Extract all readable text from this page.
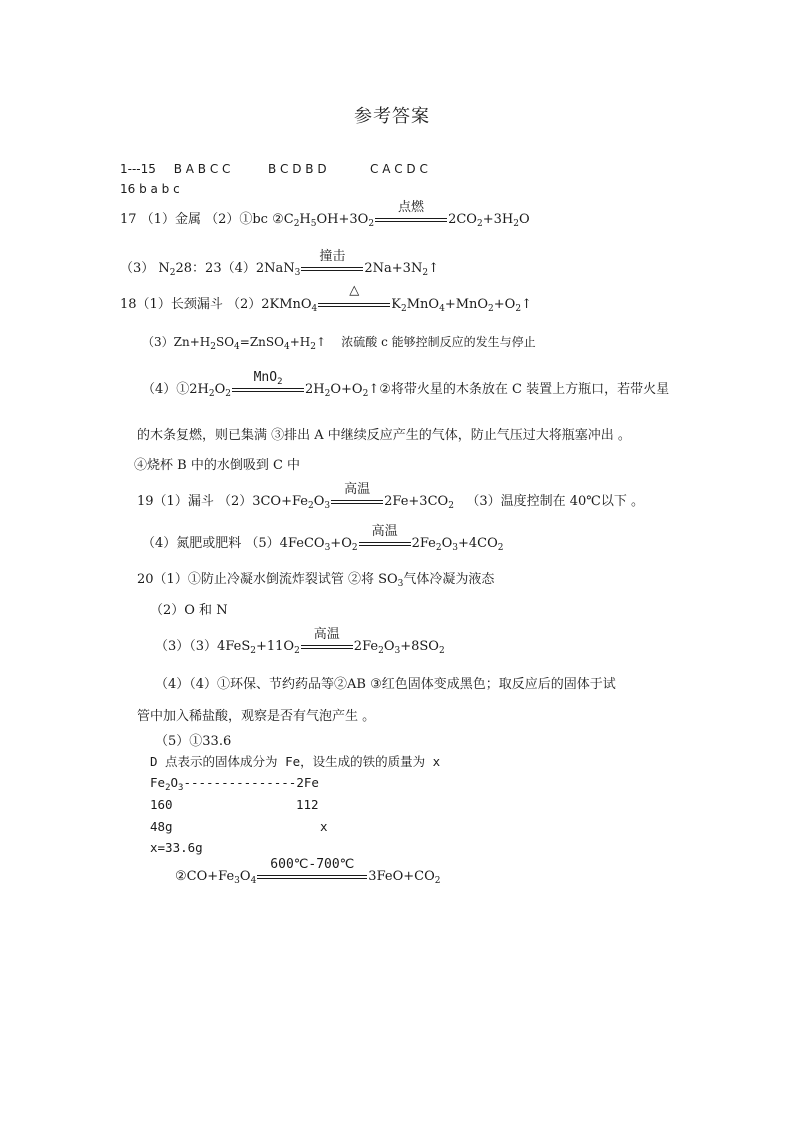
参考答案
1---15 B A B C C	B C D B D	C A C D C
16 b a b c
17 （1）金属 （2）①bc $②C_2H_5OH+3O_2$
点燃
$2CO_2+3H_2O$
（3） $N_228$：23（4）2NaN$_3$
撞击
$2Na+3N_2↑$
18（1）长颈漏斗 （2）2KMnO$_4$
△
$K_2MnO_4+MnO_2+O_2↑$
$(3)Zn+H_2SO_4=ZnSO_4+H_2↑$    浓硫酸 c 能够控制反应的发生与停止
$(4)①2H_2O_2$
MnO$_2$	$2H_2O+O_2↑②$将带火星的木条放在 C 装置上方瓶口，若带火星
的木条复燃，则已集满 ③排出 A 中继续反应产生的气体，防止气压过大将瓶塞冲出 。
④烧杯 B 中的水倒吸到 C 中
19（1）漏斗 $(2)3CO+Fe_2O_3$
高温
$2Fe+3CO_2$ （3）温度控制在 40℃以下 。
（4）氮肥或肥料 $(5)4FeCO_3+O_2$
高温
$2Fe_2O_3+4CO_2$
20（1）①防止冷凝水倒流炸裂试管 ②将 $SO_3$气体冷凝为液态
（2）O 和 N
$(3)(3)4FeS_2+11O_2$
高温
$2Fe_2O_3+8SO_2$
（4）（4）①环保、节约药品等②AB ③红色固体变成黑色；取反应后的固体于试
管中加入稀盐酸，观察是否有气泡产生 。
（5）①33.6
D 点表示的固体成分为 Fe，设生成的铁的质量为 x
$Fe_2O_3---------------2Fe$
160	112
48g	x
x=33.6g
$②CO+Fe_3O_4$
600℃-700℃
$3FeO+CO_2$
